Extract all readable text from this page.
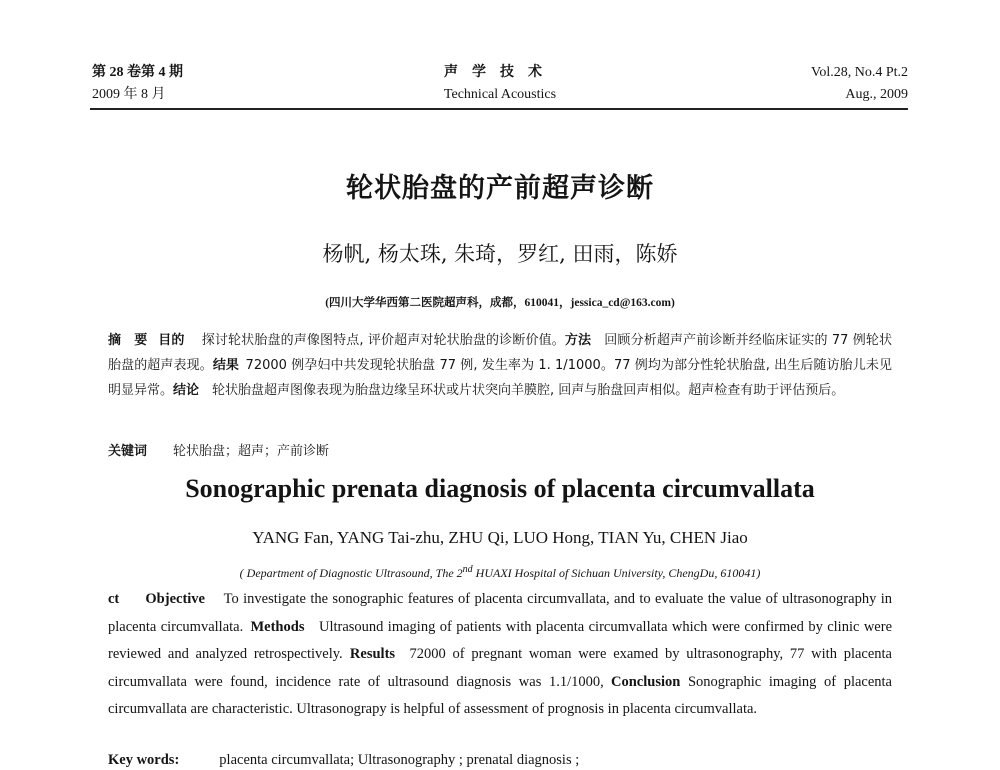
第 28 卷第 4 期
2009 年 8 月
声学技术
Technical Acoustics
Vol.28, No.4 Pt.2
Aug., 2009
轮状胎盘的产前超声诊断
杨帆, 杨太珠, 朱琦，罗红, 田雨，陈娇
(四川大学华西第二医院超声科，成都，610041，jessica_cd@163.com)
摘　要  目的  探讨轮状胎盘的声像图特点, 评价超声对轮状胎盘的诊断价值。方法  回顾分析超声产前诊断并经临床证实的 77 例轮状胎盘的超声表现。结果  72000 例孕妇中共发现轮状胎盘 77 例, 发生率为 1. 1/1000。77 例均为部分性轮状胎盘, 出生后随访胎儿未见明显异常。结论  轮状胎盘超声图像表现为胎盘边缘呈环状或片状突向羊膜腔, 回声与胎盘回声相似。超声检查有助于评估预后。
关键词 轮状胎盘；超声；产前诊断
Sonographic prenata diagnosis of placenta circumvallata
YANG Fan, YANG Tai-zhu, ZHU Qi, LUO Hong, TIAN Yu, CHEN Jiao
( Department of Diagnostic Ultrasound, The 2nd HUAXI Hospital of Sichuan University, ChengDu, 610041)
ct   Objective  To investigate the sonographic features of placenta circumvallata, and to evaluate the value of ultrasonography in placenta circumvallata.  Methods  Ultrasound imaging of patients with placenta circumvallata which were confirmed by clinic were reviewed and analyzed retrospectively.  Results  72000 of pregnant woman were examed by ultrasonography, 77 with placenta circumvallata were found, incidence rate of ultrasound diagnosis was 1.1/1000,  Conclusion Sonographic imaging of placenta circumvallata are characteristic. Ultrasonograpy is helpful of assessment of prognosis in placenta circumvallata.
Key words:	placenta circumvallata; Ultrasonography ; prenatal diagnosis ;
